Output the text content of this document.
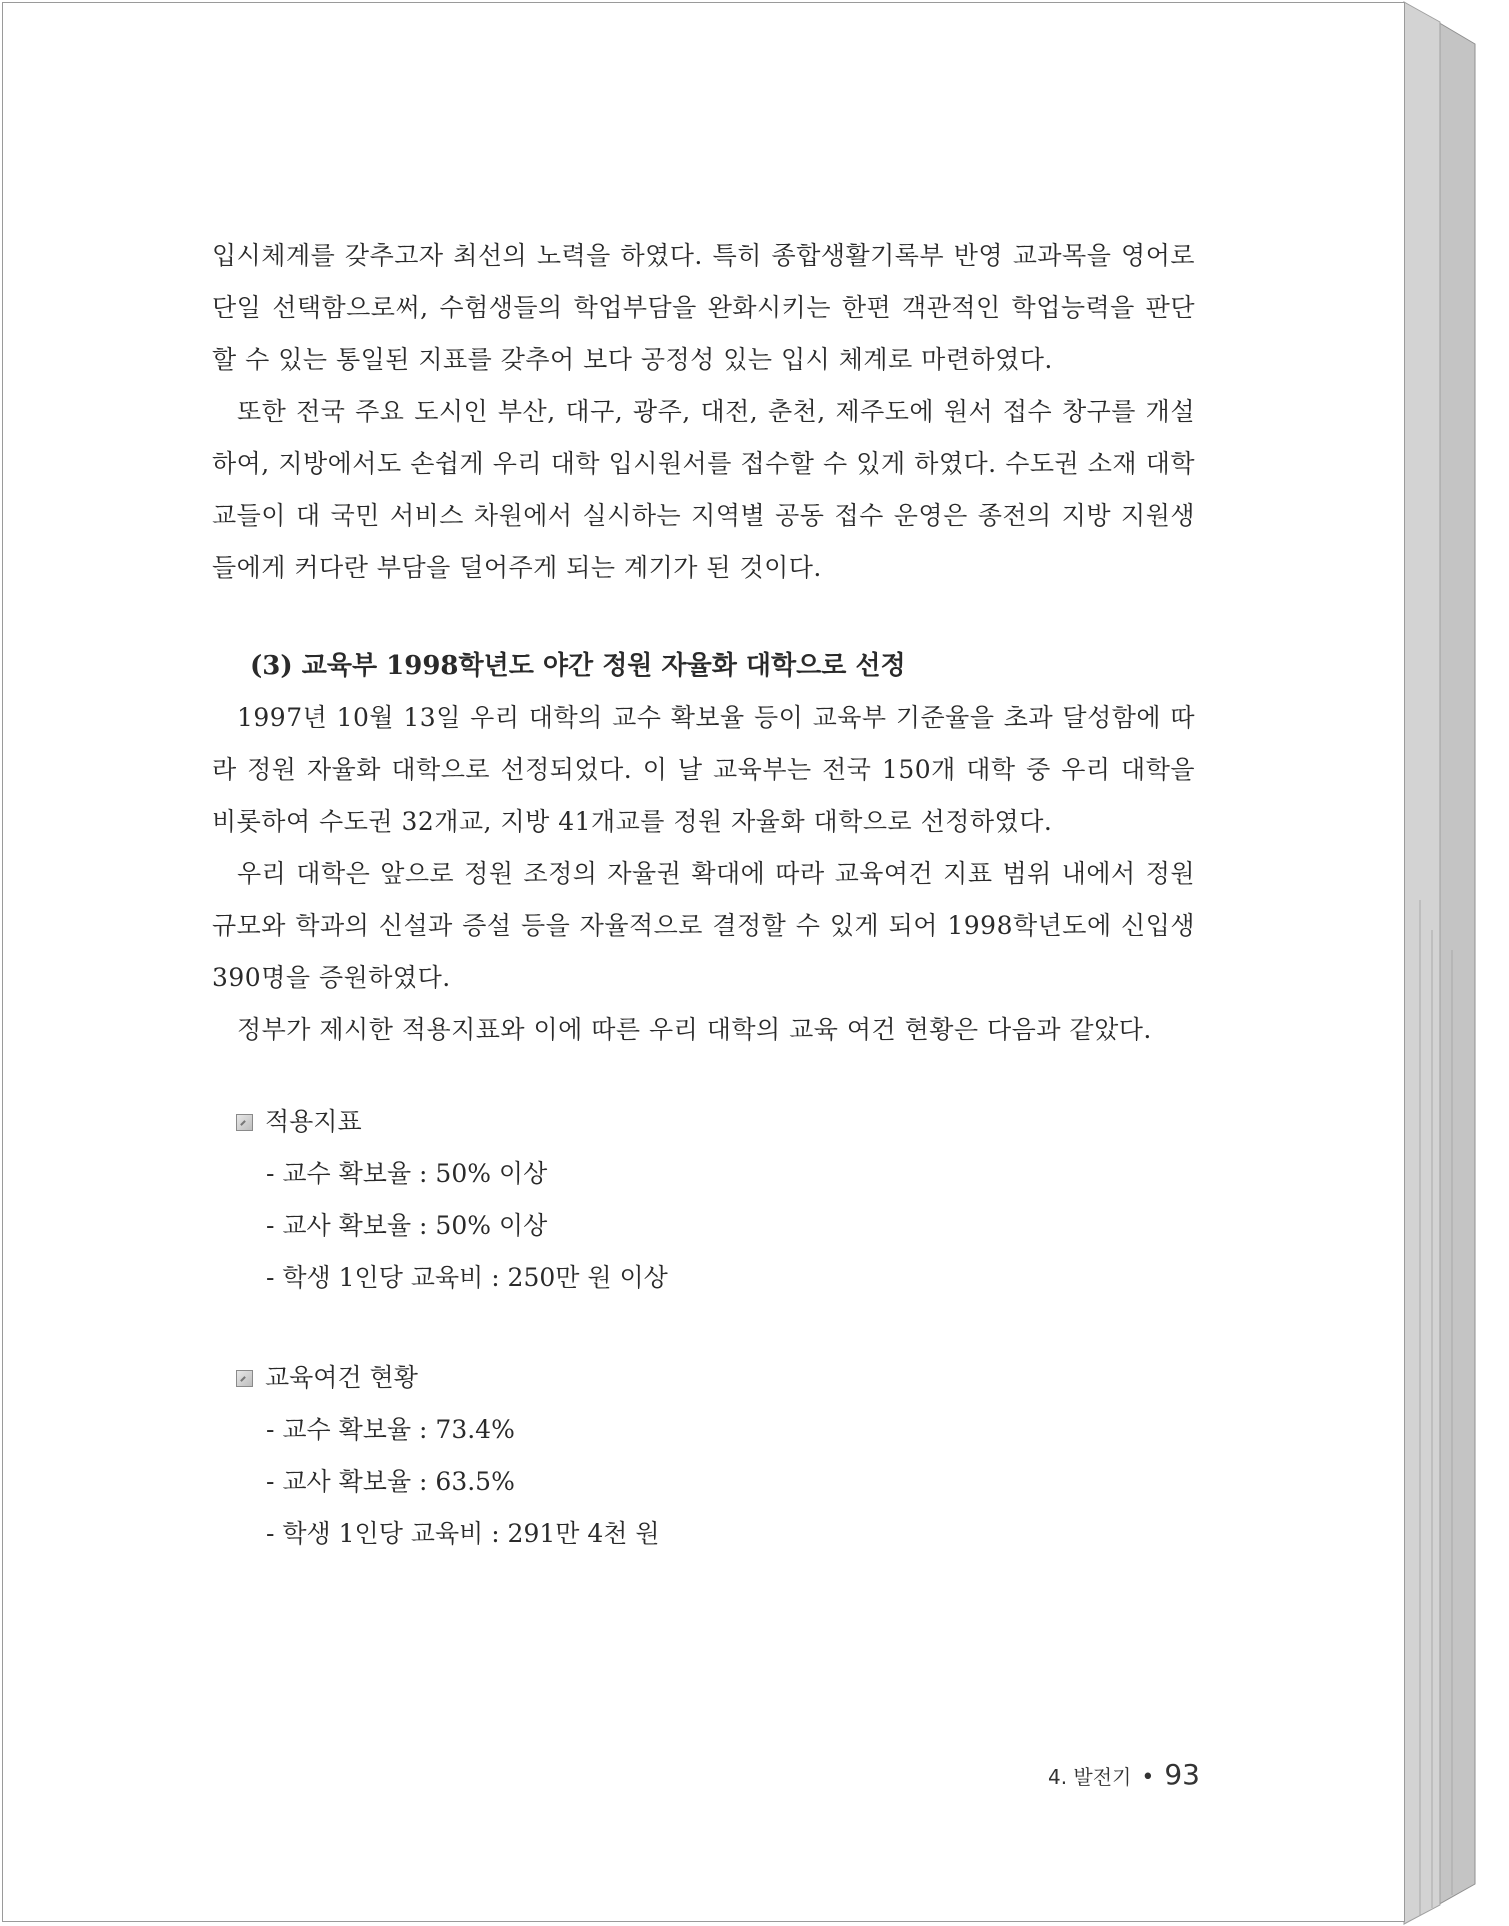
입시체계를 갖추고자 최선의 노력을 하였다. 특히 종합생활기록부 반영 교과목을 영어로 단일 선택함으로써, 수험생들의 학업부담을 완화시키는 한편 객관적인 학업능력을 판단할 수 있는 통일된 지표를 갖추어 보다 공정성 있는 입시 체계로 마련하였다.

또한 전국 주요 도시인 부산, 대구, 광주, 대전, 춘천, 제주도에 원서 접수 창구를 개설하여, 지방에서도 손쉽게 우리 대학 입시원서를 접수할 수 있게 하였다. 수도권 소재 대학교들이 대 국민 서비스 차원에서 실시하는 지역별 공동 접수 운영은 종전의 지방 지원생들에게 커다란 부담을 덜어주게 되는 계기가 된 것이다.

(3) 교육부 1998학년도 야간 정원 자율화 대학으로 선정

1997년 10월 13일 우리 대학의 교수 확보율 등이 교육부 기준율을 초과 달성함에 따라 정원 자율화 대학으로 선정되었다. 이 날 교육부는 전국 150개 대학 중 우리 대학을 비롯하여 수도권 32개교, 지방 41개교를 정원 자율화 대학으로 선정하였다.

우리 대학은 앞으로 정원 조정의 자율권 확대에 따라 교육여건 지표 범위 내에서 정원 규모와 학과의 신설과 증설 등을 자율적으로 결정할 수 있게 되어 1998학년도에 신입생 390명을 증원하였다.

정부가 제시한 적용지표와 이에 따른 우리 대학의 교육 여건 현황은 다음과 같았다.

적용지표

- 교수 확보율 : 50% 이상

- 교사 확보율 : 50% 이상

- 학생 1인당 교육비 : 250만 원 이상

교육여건 현황

- 교수 확보율 : 73.4%

- 교사 확보율 : 63.5%

- 학생 1인당 교육비 : 291만 4천 원

4. 발전기 • 93
